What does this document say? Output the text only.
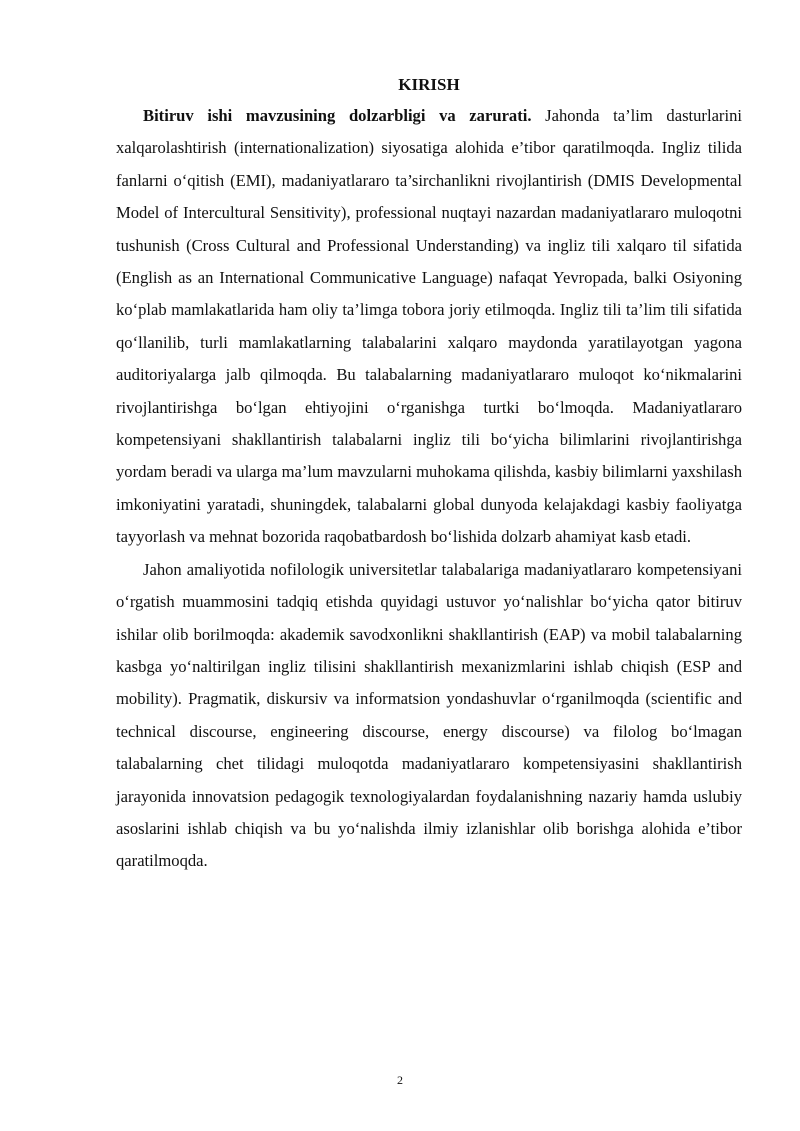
KIRISH

Bitiruv ishi mavzusining dolzarbligi va zarurati. Jahonda ta’lim dasturlarini xalqarolashtirish (internationalization) siyosatiga alohida e’tibor qaratilmoqda. Ingliz tilida fanlarni o‘qitish (EMI), madaniyatlararo ta’sirchanlikni rivojlantirish (DMIS Developmental Model of Intercultural Sensitivity), professional nuqtayi nazardan madaniyatlararo muloqotni tushunish (Cross Cultural and Professional Understanding) va ingliz tili xalqaro til sifatida (English as an International Communicative Language) nafaqat Yevropada, balki Osiyoning ko‘plab mamlakatlarida ham oliy ta’limga tobora joriy etilmoqda. Ingliz tili ta’lim tili sifatida qo‘llanilib, turli mamlakatlarning talabalarini xalqaro maydonda yaratilayotgan yagona auditoriyalarga jalb qilmoqda. Bu talabalarning madaniyatlararo muloqot ko‘nikmalarini rivojlantirishga bo‘lgan ehtiyojini o‘rganishga turtki bo‘lmoqda. Madaniyatlararo kompetensiyani shakllantirish talabalarni ingliz tili bo‘yicha bilimlarini rivojlantirishga yordam beradi va ularga ma’lum mavzularni muhokama qilishda, kasbiy bilimlarni yaxshilash imkoniyatini yaratadi, shuningdek, talabalarni global dunyoda kelajakdagi kasbiy faoliyatga tayyorlash va mehnat bozorida raqobatbardosh bo‘lishida dolzarb ahamiyat kasb etadi.

Jahon amaliyotida nofilologik universitetlar talabalariga madaniyatlararo kompetensiyani o‘rgatish muammosini tadqiq etishda quyidagi ustuvor yo‘nalishlar bo‘yicha qator bitiruv ishilar olib borilmoqda: akademik savodxonlikni shakllantirish (EAP) va mobil talabalarning kasbga yo‘naltirilgan ingliz tilisini shakllantirish mexanizmlarini ishlab chiqish (ESP and mobility). Pragmatik, diskursiv va informatsion yondashuvlar o‘rganilmoqda (scientific and technical discourse, engineering discourse, energy discourse) va filolog bo‘lmagan talabalarning chet tilidagi muloqotda madaniyatlararo kompetensiyasini shakllantirish jarayonida innovatsion pedagogik texnologiyalardan foydalanishning nazariy hamda uslubiy asoslarini ishlab chiqish va bu yo‘nalishda ilmiy izlanishlar olib borishga alohida e’tibor qaratilmoqda.

2
